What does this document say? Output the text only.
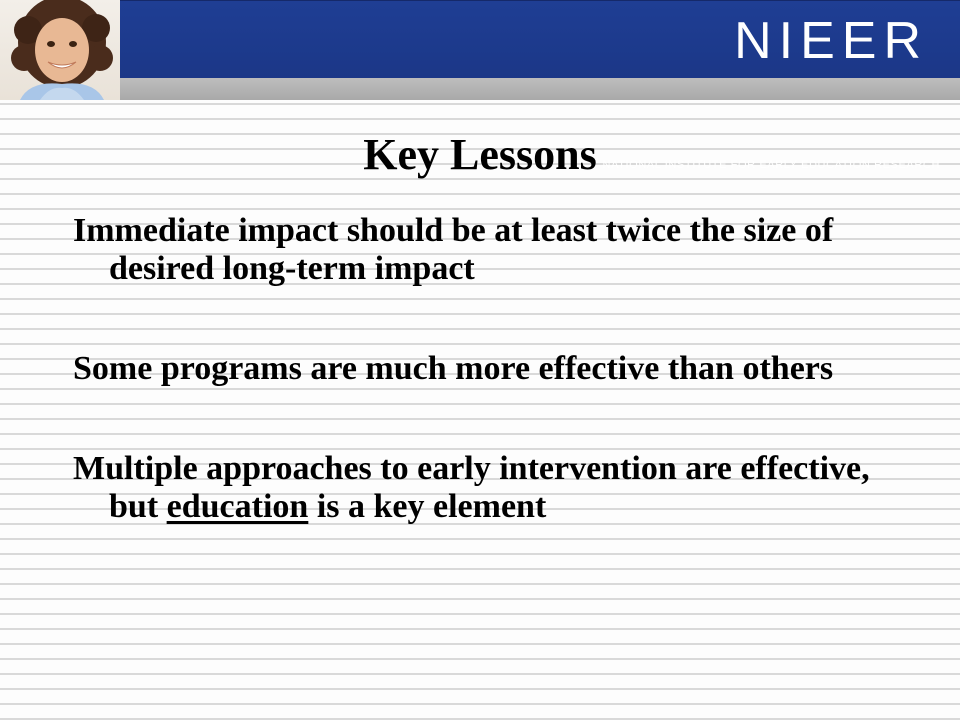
NIEER
NATIONAL INSTITUTE FOR EARLY EDUCATION RESEARCH
Key Lessons
Immediate impact should be at least twice the size of desired long-term impact
Some programs are much more effective than others
Multiple approaches to early intervention are effective, but education is a key element
